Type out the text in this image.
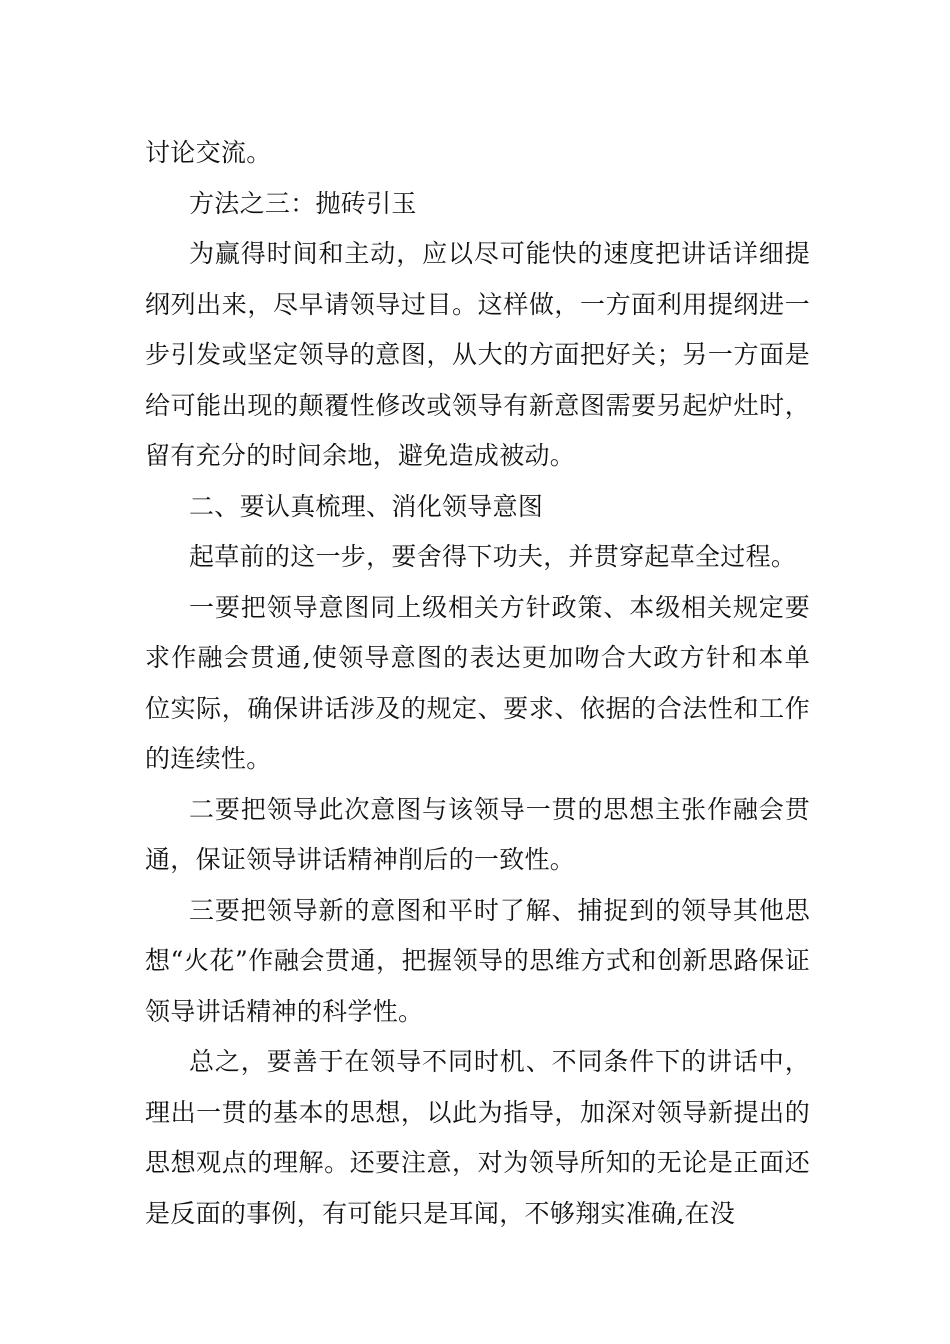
讨论交流。

方法之三：抛砖引玉

为赢得时间和主动，应以尽可能快的速度把讲话详细提纲列出来，尽早请领导过目。这样做，一方面利用提纲进一步引发或坚定领导的意图，从大的方面把好关；另一方面是给可能出现的颠覆性修改或领导有新意图需要另起炉灶时，留有充分的时间余地，避免造成被动。

二、要认真梳理、消化领导意图

起草前的这一步，要舍得下功夫，并贯穿起草全过程。

一要把领导意图同上级相关方针政策、本级相关规定要求作融会贯通,使领导意图的表达更加吻合大政方针和本单位实际，确保讲话涉及的规定、要求、依据的合法性和工作的连续性。

二要把领导此次意图与该领导一贯的思想主张作融会贯通，保证领导讲话精神削后的一致性。

三要把领导新的意图和平时了解、捕捉到的领导其他思想“火花”作融会贯通，把握领导的思维方式和创新思路保证领导讲话精神的科学性。

总之，要善于在领导不同时机、不同条件下的讲话中，理出一贯的基本的思想，以此为指导，加深对领导新提出的思想观点的理解。还要注意，对为领导所知的无论是正面还是反面的事例，有可能只是耳闻，不够翔实准确,在没
